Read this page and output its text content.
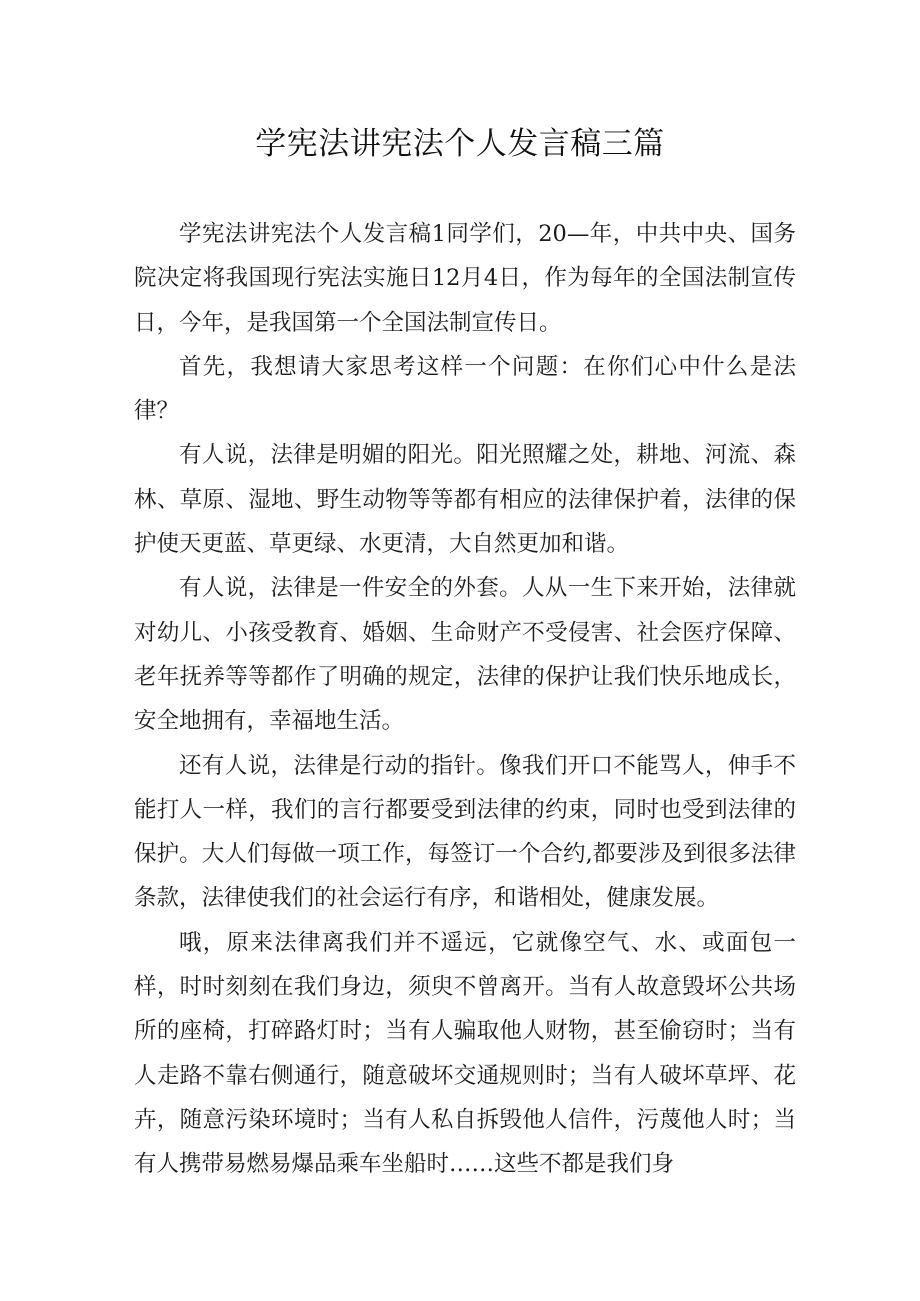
学宪法讲宪法个人发言稿三篇

学宪法讲宪法个人发言稿1同学们，20—年，中共中央、国务院决定将我国现行宪法实施日12月4日，作为每年的全国法制宣传日，今年，是我国第一个全国法制宣传日。

首先，我想请大家思考这样一个问题：在你们心中什么是法律？

有人说，法律是明媚的阳光。阳光照耀之处，耕地、河流、森林、草原、湿地、野生动物等等都有相应的法律保护着，法律的保护使天更蓝、草更绿、水更清，大自然更加和谐。

有人说，法律是一件安全的外套。人从一生下来开始，法律就对幼儿、小孩受教育、婚姻、生命财产不受侵害、社会医疗保障、老年抚养等等都作了明确的规定，法律的保护让我们快乐地成长，安全地拥有，幸福地生活。

还有人说，法律是行动的指针。像我们开口不能骂人，伸手不能打人一样，我们的言行都要受到法律的约束，同时也受到法律的保护。大人们每做一项工作，每签订一个合约,都要涉及到很多法律条款，法律使我们的社会运行有序，和谐相处，健康发展。

哦，原来法律离我们并不遥远，它就像空气、水、或面包一样，时时刻刻在我们身边，须臾不曾离开。当有人故意毁坏公共场所的座椅，打碎路灯时；当有人骗取他人财物，甚至偷窃时；当有人走路不靠右侧通行，随意破坏交通规则时；当有人破坏草坪、花卉，随意污染环境时；当有人私自拆毁他人信件，污蔑他人时；当有人携带易燃易爆品乘车坐船时……这些不都是我们身
